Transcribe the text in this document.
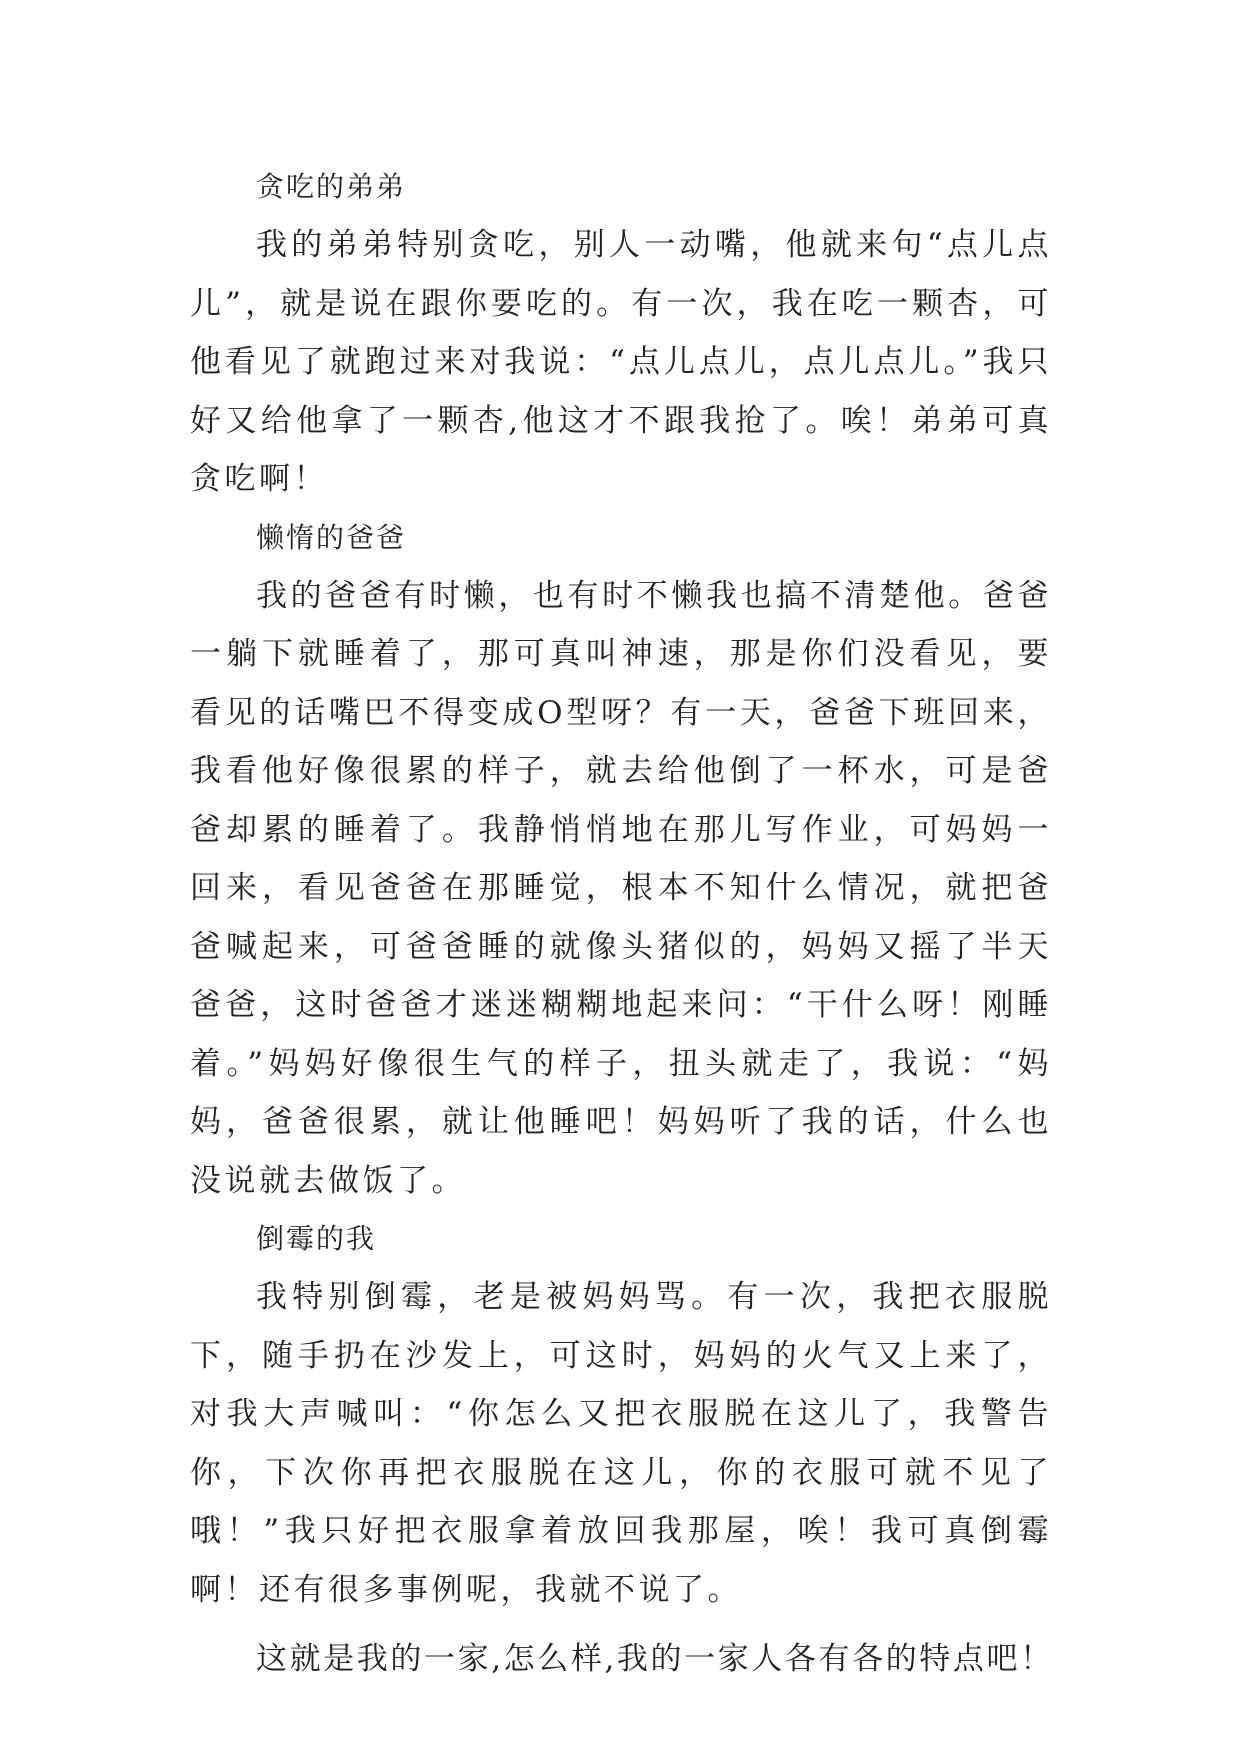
贪吃的弟弟

我的弟弟特别贪吃，别人一动嘴，他就来句“点儿点儿”，就是说在跟你要吃的。有一次，我在吃一颗杏，可他看见了就跑过来对我说：“点儿点儿，点儿点儿。”我只好又给他拿了一颗杏,他这才不跟我抢了。唉！弟弟可真贪吃啊！

懒惰的爸爸

我的爸爸有时懒，也有时不懒我也搞不清楚他。爸爸一躺下就睡着了，那可真叫神速，那是你们没看见，要看见的话嘴巴不得变成O型呀？有一天，爸爸下班回来，我看他好像很累的样子，就去给他倒了一杯水，可是爸爸却累的睡着了。我静悄悄地在那儿写作业，可妈妈一回来，看见爸爸在那睡觉，根本不知什么情况，就把爸爸喊起来，可爸爸睡的就像头猪似的，妈妈又摇了半天爸爸，这时爸爸才迷迷糊糊地起来问：“干什么呀！刚睡着。”妈妈好像很生气的样子，扭头就走了，我说：“妈妈，爸爸很累，就让他睡吧！妈妈听了我的话，什么也没说就去做饭了。

倒霉的我

我特别倒霉，老是被妈妈骂。有一次，我把衣服脱下，随手扔在沙发上，可这时，妈妈的火气又上来了，对我大声喊叫：“你怎么又把衣服脱在这儿了，我警告你，下次你再把衣服脱在这儿，你的衣服可就不见了哦！”我只好把衣服拿着放回我那屋，唉！我可真倒霉啊！还有很多事例呢，我就不说了。

这就是我的一家,怎么样,我的一家人各有各的特点吧！
